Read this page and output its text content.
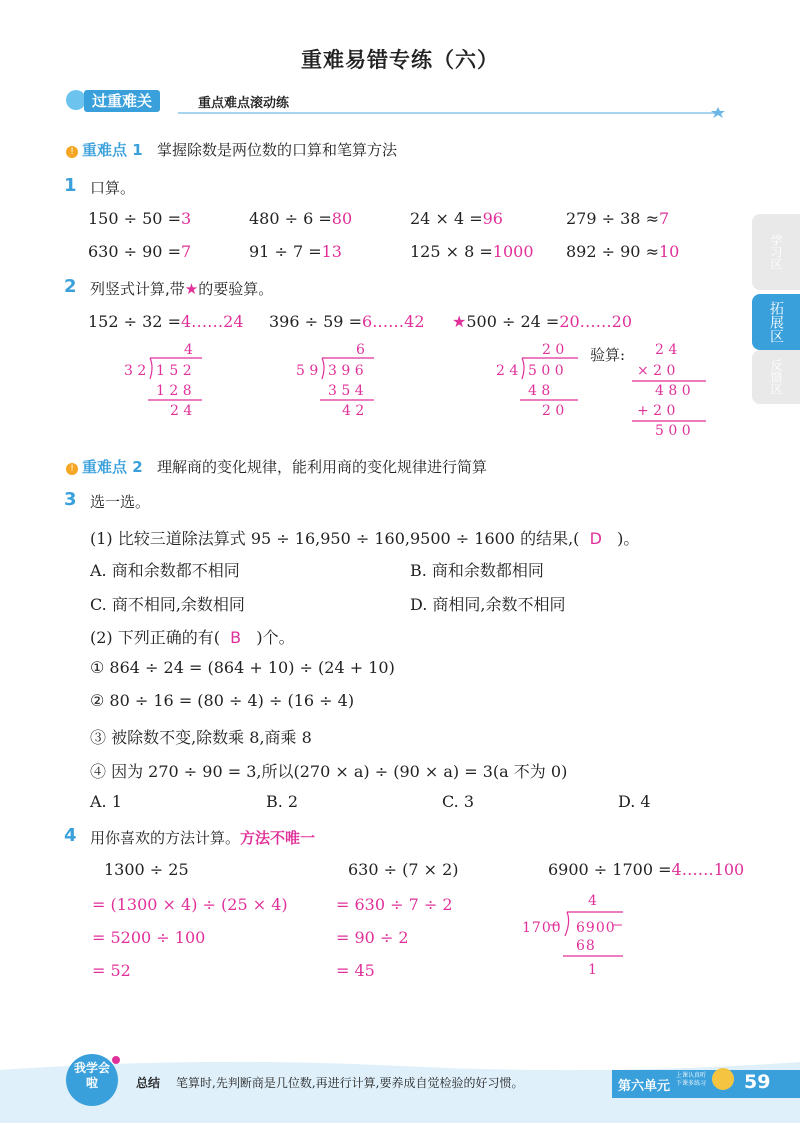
重难易错专练（六）
过重难关	重点难点滚动练
学习区
拓展区
反馈区
! 重难点 1 掌握除数是两位数的口算和笔算方法
1 口算。
150 ÷ 50 =3	480 ÷ 6 =80	24 × 4 =96	279 ÷ 38 ≈7
630 ÷ 90 =7	91 ÷ 7 =13	125 × 8 =1000 892 ÷ 90 ≈10
2 列竖式计算,带★的要验算。
152 ÷ 32 =4……24 396 ÷ 59 =6……42 ★500 ÷ 24 =20……20
4
3 2 1 5 2
1 2 8
2 4
6
5 9 3 9 6
3 5 4
4 2
2 0
2 4 5 0 0
4 8
2 0
验算: 2 4
× 2 0
4 8 0
+ 2 0
5 0 0
! 重难点 2 理解商的变化规律，能利用商的变化规律进行简算
3 选一选。
(1) 比较三道除法算式 95 ÷ 16,950 ÷ 160,9500 ÷ 1600 的结果,( D )。
A. 商和余数都不相同	B. 商和余数都相同
C. 商不相同,余数相同	D. 商相同,余数不相同
(2) 下列正确的有( B )个。
① 864 ÷ 24 = (864 + 10) ÷ (24 + 10)
② 80 ÷ 16 = (80 ÷ 4) ÷ (16 ÷ 4)
③ 被除数不变,除数乘 8,商乘 8
④ 因为 270 ÷ 90 = 3,所以(270 × a) ÷ (90 × a) = 3(a 不为 0)
A. 1	B. 2	C. 3	D. 4
4 用你喜欢的方法计算。方法不唯一
1300 ÷ 25
= (1300 × 4) ÷ (25 × 4)
= 5200 ÷ 100
= 52
630 ÷ (7 × 2)
= 630 ÷ 7 ÷ 2
= 90 ÷ 2
= 45
6900 ÷ 1700 =4……100
4
1700 6900
68
1
我学会啦	总结 笔算时,先判断商是几位数,再进行计算,要养成自觉检验的好习惯。	第六单元
上课认真听
下课多练习 59
